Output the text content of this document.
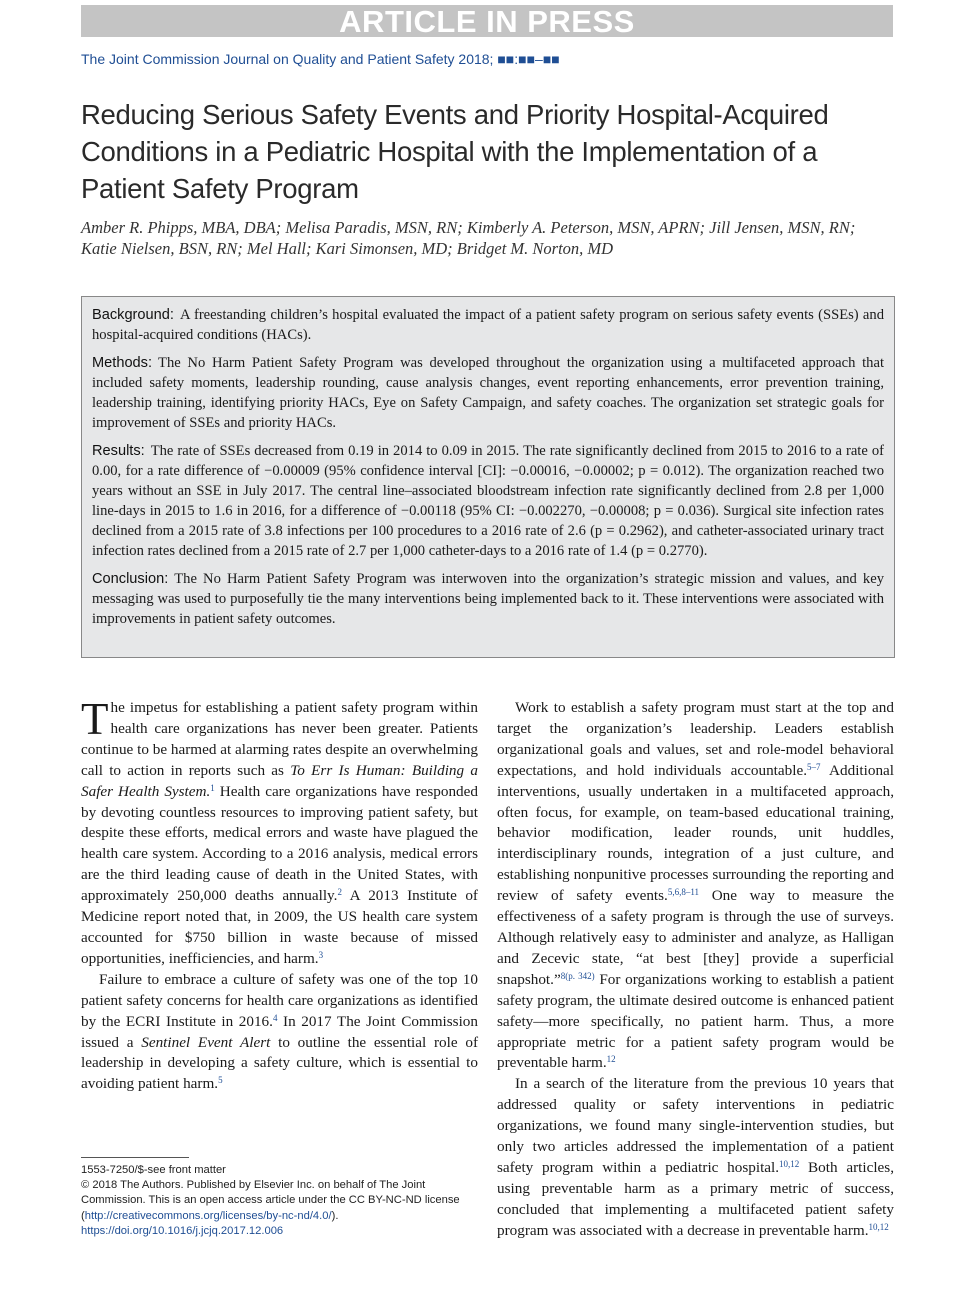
ARTICLE IN PRESS
The Joint Commission Journal on Quality and Patient Safety 2018; ■■:■■–■■
Reducing Serious Safety Events and Priority Hospital-Acquired Conditions in a Pediatric Hospital with the Implementation of a Patient Safety Program
Amber R. Phipps, MBA, DBA; Melisa Paradis, MSN, RN; Kimberly A. Peterson, MSN, APRN; Jill Jensen, MSN, RN;
Katie Nielsen, BSN, RN; Mel Hall; Kari Simonsen, MD; Bridget M. Norton, MD

Background: A freestanding children’s hospital evaluated the impact of a patient safety program on serious safety events (SSEs) and hospital-acquired conditions (HACs).

Methods: The No Harm Patient Safety Program was developed throughout the organization using a multifaceted approach that included safety moments, leadership rounding, cause analysis changes, event reporting enhancements, error prevention training, leadership training, identifying priority HACs, Eye on Safety Campaign, and safety coaches. The organization set strategic goals for improvement of SSEs and priority HACs.

Results: The rate of SSEs decreased from 0.19 in 2014 to 0.09 in 2015. The rate significantly declined from 2015 to 2016 to a rate of 0.00, for a rate difference of −0.00009 (95% confidence interval [CI]: −0.00016, −0.00002; p = 0.012). The organization reached two years without an SSE in July 2017. The central line–associated bloodstream infection rate significantly declined from 2.8 per 1,000 line-days in 2015 to 1.6 in 2016, for a difference of −0.00118 (95% CI: −0.002270, −0.00008; p = 0.036). Surgical site infection rates declined from a 2015 rate of 3.8 infections per 100 procedures to a 2016 rate of 2.6 (p = 0.2962), and catheter-associated urinary tract infection rates declined from a 2015 rate of 2.7 per 1,000 catheter-days to a 2016 rate of 1.4 (p = 0.2770).

Conclusion: The No Harm Patient Safety Program was interwoven into the organization’s strategic mission and values, and key messaging was used to purposefully tie the many interventions being implemented back to it. These interventions were associated with improvements in patient safety outcomes.

The impetus for establishing a patient safety program within health care organizations has never been greater. Patients continue to be harmed at alarming rates despite an overwhelming call to action in reports such as To Err Is Human: Building a Safer Health System.$^1$ Health care organizations have responded by devoting countless resources to improving patient safety, but despite these efforts, medical errors and waste have plagued the health care system. According to a 2016 analysis, medical errors are the third leading cause of death in the United States, with approximately 250,000 deaths annually.$^2$ A 2013 Institute of Medicine report noted that, in 2009, the US health care system accounted for $750 billion in waste because of missed opportunities, inefficiencies, and harm.$^3$

Failure to embrace a culture of safety was one of the top 10 patient safety concerns for health care organizations as identified by the ECRI Institute in 2016.$^4$ In 2017 The Joint Commission issued a Sentinel Event Alert to outline the essential role of leadership in developing a safety culture, which is essential to avoiding patient harm.$^5$

Work to establish a safety program must start at the top and target the organization’s leadership. Leaders establish organizational goals and values, set and role-model behavioral expectations, and hold individuals accountable.$^{5-7}$ Additional interventions, usually undertaken in a multifaceted approach, often focus, for example, on team-based educational training, behavior modification, leader rounds, unit huddles, interdisciplinary rounds, integration of a just culture, and establishing nonpunitive processes surrounding the reporting and review of safety events.$^{5,6,8-11}$ One way to measure the effectiveness of a safety program is through the use of surveys. Although relatively easy to administer and analyze, as Halligan and Zecevic state, “at best [they] provide a superficial snapshot.”$^{8(p. 342)}$ For organizations working to establish a patient safety program, the ultimate desired outcome is enhanced patient safety—more specifically, no patient harm. Thus, a more appropriate metric for a patient safety program would be preventable harm.$^{12}$

In a search of the literature from the previous 10 years that addressed quality or safety interventions in pediatric organizations, we found many single-intervention studies, but only two articles addressed the implementation of a patient safety program within a pediatric hospital.$^{10,12}$ Both articles, using preventable harm as a primary metric of success, concluded that implementing a multifaceted patient safety program was associated with a decrease in preventable harm.$^{10,12}$

1553-7250/$-see front matter
© 2018 The Authors. Published by Elsevier Inc. on behalf of The Joint Commission. This is an open access article under the CC BY-NC-ND license
(http://creativecommons.org/licenses/by-nc-nd/4.0/).
https://doi.org/10.1016/j.jcjq.2017.12.006
